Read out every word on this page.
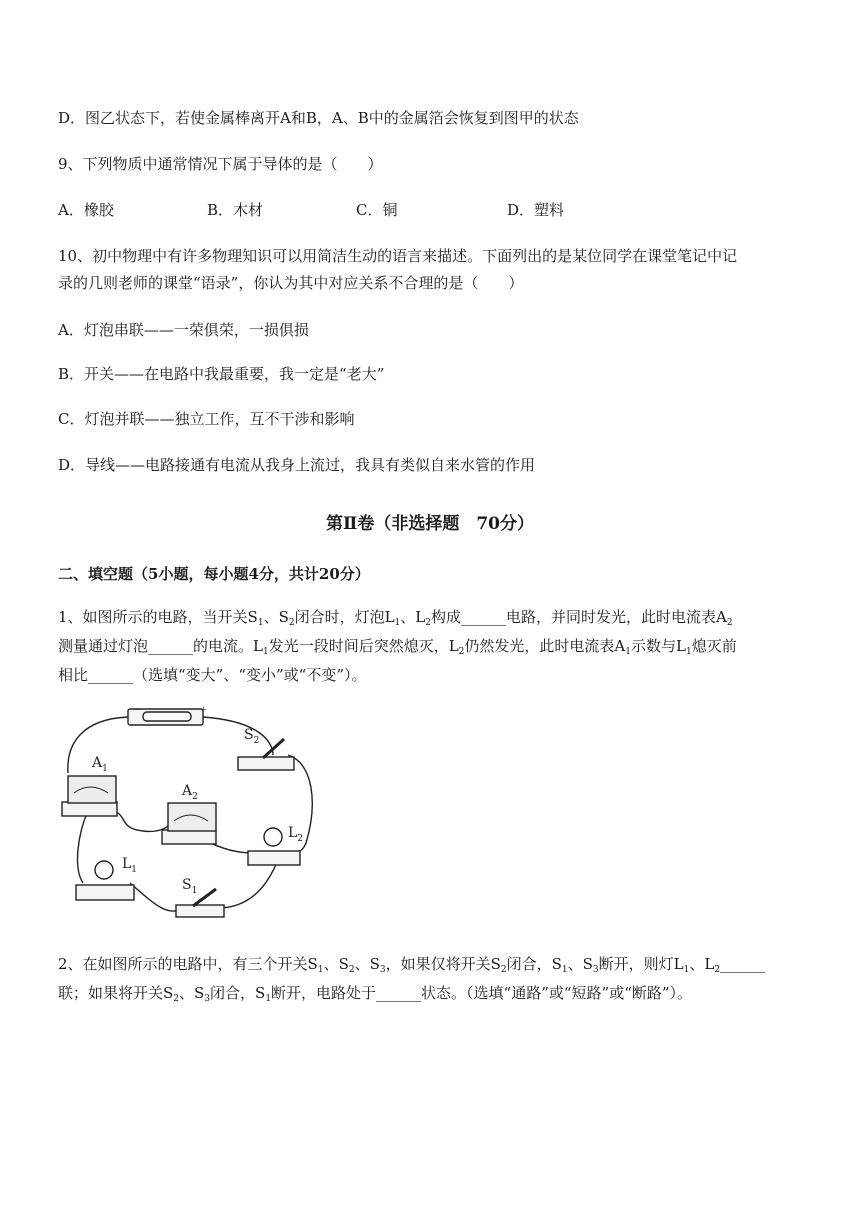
D．图乙状态下，若使金属棒离开A和B，A、B中的金属箔会恢复到图甲的状态
9、下列物质中通常情况下属于导体的是（　　）
A．橡胶	B．木材	C．铜	D．塑料
10、初中物理中有许多物理知识可以用简洁生动的语言来描述。下面列出的是某位同学在课堂笔记中记
录的几则老师的课堂“语录”，你认为其中对应关系不合理的是（　　）
A．灯泡串联——一荣俱荣，一损俱损
B．开关——在电路中我最重要，我一定是“老大”
C．灯泡并联——独立工作，互不干涉和影响
D．导线——电路接通有电流从我身上流过，我具有类似自来水管的作用
第Ⅱ卷（非选择题　70分）
二、填空题（5小题，每小题4分，共计20分）
1、如图所示的电路，当开关$S_1$、$S_2$闭合时，灯泡$L_1$、$L_2$构成______电路，并同时发光，此时电流表$A_2$
测量通过灯泡______的电流。$L_1$发光一段时间后突然熄灭，$L_2$仍然发光，此时电流表$A_1$示数与$L_1$熄灭前
相比______（选填“变大”、“变小”或“不变”）。
−	+
$S_2$
$A_1$
$A_2$
$L_2$
$L_1$
$S_1$
2、在如图所示的电路中，有三个开关$S_1$、$S_2$、$S_3$，如果仅将开关$S_2$闭合，$S_1$、$S_3$断开，则灯$L_1$、$L_2\_\_\_\_\_\_$
联；如果将开关$S_2$、$S_3$闭合，$S_1$断开，电路处于______状态。（选填“通路”或“短路”或“断路”）。
